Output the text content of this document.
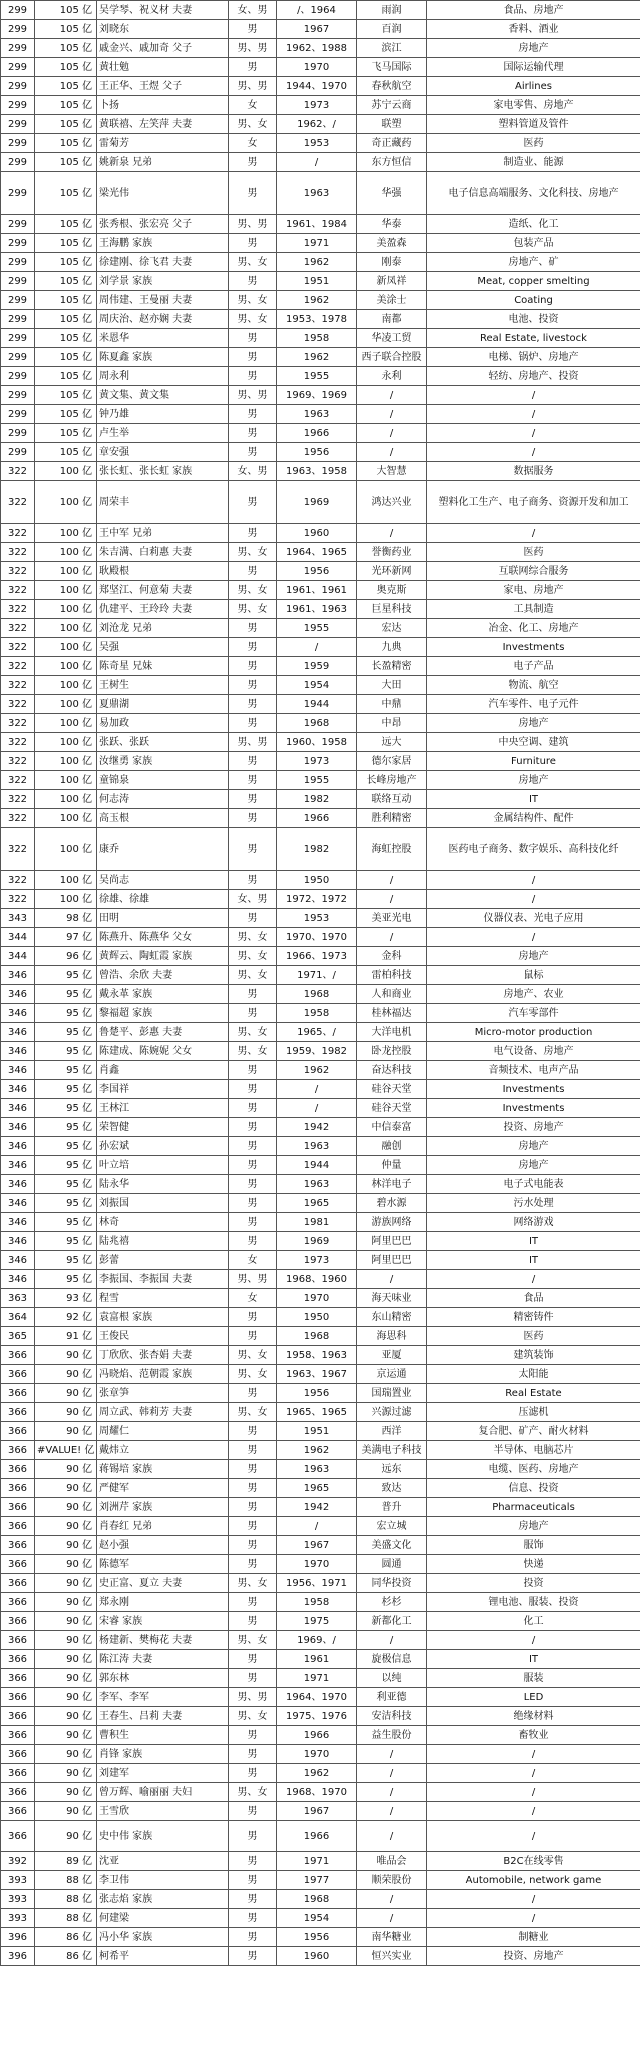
299	105 亿	吴学琴、祝义材 夫妻	女、男	/、1964	雨润	食品、房地产
299	105 亿	刘晓东	男	1967	百润	香料、酒业
299	105 亿	戚金兴、戚加奇 父子	男、男	1962、1988	滨江	房地产
299	105 亿	黄壮勉	男	1970	飞马国际	国际运输代理
299	105 亿	王正华、王煜 父子	男、男	1944、1970	春秋航空	Airlines
299	105 亿	卜扬	女	1973	苏宁云商	家电零售、房地产
299	105 亿	黄联禧、左笑萍 夫妻	男、女	1962、/	联塑	塑料管道及管件
299	105 亿	雷菊芳	女	1953	奇正藏药	医药
299	105 亿	姚新泉 兄弟	男	/	东方恒信	制造业、能源
299	105 亿	梁光伟	男	1963	华强	电子信息高端服务、文化科技、房地产
299	105 亿	张秀根、张宏亮 父子	男、男	1961、1984	华泰	造纸、化工
299	105 亿	王海鹏 家族	男	1971	美盈森	包装产品
299	105 亿	徐建刚、徐飞君 夫妻	男、女	1962	刚泰	房地产、矿
299	105 亿	刘学景 家族	男	1951	新凤祥	Meat, copper smelting
299	105 亿	周伟建、王曼丽 夫妻	男、女	1962	美涂士	Coating
299	105 亿	周庆治、赵亦娴 夫妻	男、女	1953、1978	南都	电池、投资
299	105 亿	米恩华	男	1958	华凌工贸	Real Estate, livestock
299	105 亿	陈夏鑫 家族	男	1962	西子联合控股	电梯、锅炉、房地产
299	105 亿	周永利	男	1955	永利	轻纺、房地产、投资
299	105 亿	黄文集、黄文集	男、男	1969、1969	/	/
299	105 亿	钟乃雄	男	1963	/	/
299	105 亿	卢生举	男	1966	/	/
299	105 亿	章安强	男	1956	/	/
322	100 亿	张长虹、张长虹 家族	女、男	1963、1958	大智慧	数据服务
322	100 亿	周荣丰	男	1969	鸿达兴业	塑料化工生产、电子商务、资源开发和加工
322	100 亿	王中军 兄弟	男	1960	/	/
322	100 亿	朱吉满、白莉惠 夫妻	男、女	1964、1965	誉衡药业	医药
322	100 亿	耿殿根	男	1956	光环新网	互联网综合服务
322	100 亿	郑坚江、何意菊 夫妻	男、女	1961、1961	奥克斯	家电、房地产
322	100 亿	仇建平、王玲玲 夫妻	男、女	1961、1963	巨星科技	工具制造
322	100 亿	刘沧龙 兄弟	男	1955	宏达	冶金、化工、房地产
322	100 亿	吴强	男	/	九典	Investments
322	100 亿	陈奇星 兄妹	男	1959	长盈精密	电子产品
322	100 亿	王树生	男	1954	大田	物流、航空
322	100 亿	夏鼎湖	男	1944	中鼎	汽车零件、电子元件
322	100 亿	易加政	男	1968	中昂	房地产
322	100 亿	张跃、张跃	男、男	1960、1958	远大	中央空调、建筑
322	100 亿	汝继勇 家族	男	1973	德尔家居	Furniture
322	100 亿	童锦泉	男	1955	长峰房地产	房地产
322	100 亿	何志涛	男	1982	联络互动	IT
322	100 亿	高玉根	男	1966	胜利精密	金属结构件、配件
322	100 亿	康乔	男	1982	海虹控股	医药电子商务、数字娱乐、高科技化纤
322	100 亿	吴尚志	男	1950	/	/
322	100 亿	徐雄、徐雄	女、男	1972、1972	/	/
343	98 亿	田明	男	1953	美亚光电	仪器仪表、光电子应用
344	97 亿	陈燕升、陈燕华 父女	男、女	1970、1970	/	/
344	96 亿	黄辉云、陶虹霞 家族	男、女	1966、1973	金科	房地产
346	95 亿	曾浩、余欣 夫妻	男、女	1971、/	雷柏科技	鼠标
346	95 亿	戴永革 家族	男	1968	人和商业	房地产、农业
346	95 亿	黎福超 家族	男	1958	桂林福达	汽车零部件
346	95 亿	鲁楚平、彭惠 夫妻	男、女	1965、/	大洋电机	Micro-motor production
346	95 亿	陈建成、陈婉妮 父女	男、女	1959、1982	卧龙控股	电气设备、房地产
346	95 亿	肖鑫	男	1962	奋达科技	音频技术、电声产品
346	95 亿	李国祥	男	/	硅谷天堂	Investments
346	95 亿	王林江	男	/	硅谷天堂	Investments
346	95 亿	荣智健	男	1942	中信泰富	投资、房地产
346	95 亿	孙宏斌	男	1963	融创	房地产
346	95 亿	叶立培	男	1944	仲量	房地产
346	95 亿	陆永华	男	1963	林洋电子	电子式电能表
346	95 亿	刘振国	男	1965	碧水源	污水处理
346	95 亿	林奇	男	1981	游族网络	网络游戏
346	95 亿	陆兆禧	男	1969	阿里巴巴	IT
346	95 亿	彭蕾	女	1973	阿里巴巴	IT
346	95 亿	李振国、李振国 夫妻	男、男	1968、1960	/	/
363	93 亿	程雪	女	1970	海天味业	食品
364	92 亿	袁富根 家族	男	1950	东山精密	精密铸件
365	91 亿	王俊民	男	1968	海思科	医药
366	90 亿	丁欣欣、张杏娟 夫妻	男、女	1958、1963	亚厦	建筑装饰
366	90 亿	冯晓焰、范朝霞 家族	男、女	1963、1967	京运通	太阳能
366	90 亿	张章笋	男	1956	国瑞置业	Real Estate
366	90 亿	周立武、韩莉芳 夫妻	男、女	1965、1965	兴源过滤	压滤机
366	90 亿	周耀仁	男	1951	西洋	复合肥、矿产、耐火材料
366	#VALUE! 亿	戴炜立	男	1962	美满电子科技	半导体、电脑芯片
366	90 亿	蒋锡培 家族	男	1963	远东	电缆、医药、房地产
366	90 亿	严健军	男	1965	致达	信息、投资
366	90 亿	刘洲芹 家族	男	1942	普升	Pharmaceuticals
366	90 亿	肖春红 兄弟	男	/	宏立城	房地产
366	90 亿	赵小强	男	1967	美盛文化	服饰
366	90 亿	陈德军	男	1970	圆通	快递
366	90 亿	史正富、夏立 夫妻	男、女	1956、1971	同华投资	投资
366	90 亿	郑永刚	男	1958	杉杉	锂电池、服装、投资
366	90 亿	宋睿 家族	男	1975	新都化工	化工
366	90 亿	杨建新、樊梅花 夫妻	男、女	1969、/	/	/
366	90 亿	陈江涛 夫妻	男	1961	旋极信息	IT
366	90 亿	郭东林	男	1971	以纯	服装
366	90 亿	李军、李军	男、男	1964、1970	利亚德	LED
366	90 亿	王春生、吕莉 夫妻	男、女	1975、1976	安洁科技	绝缘材料
366	90 亿	曹积生	男	1966	益生股份	畜牧业
366	90 亿	肖锋 家族	男	1970	/	/
366	90 亿	刘建军	男	1962	/	/
366	90 亿	曾万辉、喻丽丽 夫妇	男、女	1968、1970	/	/
366	90 亿	王雪欣	男	1967	/	/
366	90 亿	史中伟 家族	男	1966	/	/
392	89 亿	沈亚	男	1971	唯品会	B2C在线零售
393	88 亿	李卫伟	男	1977	顺荣股份	Automobile, network game
393	88 亿	张志焰 家族	男	1968	/	/
393	88 亿	何建梁	男	1954	/	/
396	86 亿	冯小华 家族	男	1956	南华糖业	制糖业
396	86 亿	柯希平	男	1960	恒兴实业	投资、房地产
